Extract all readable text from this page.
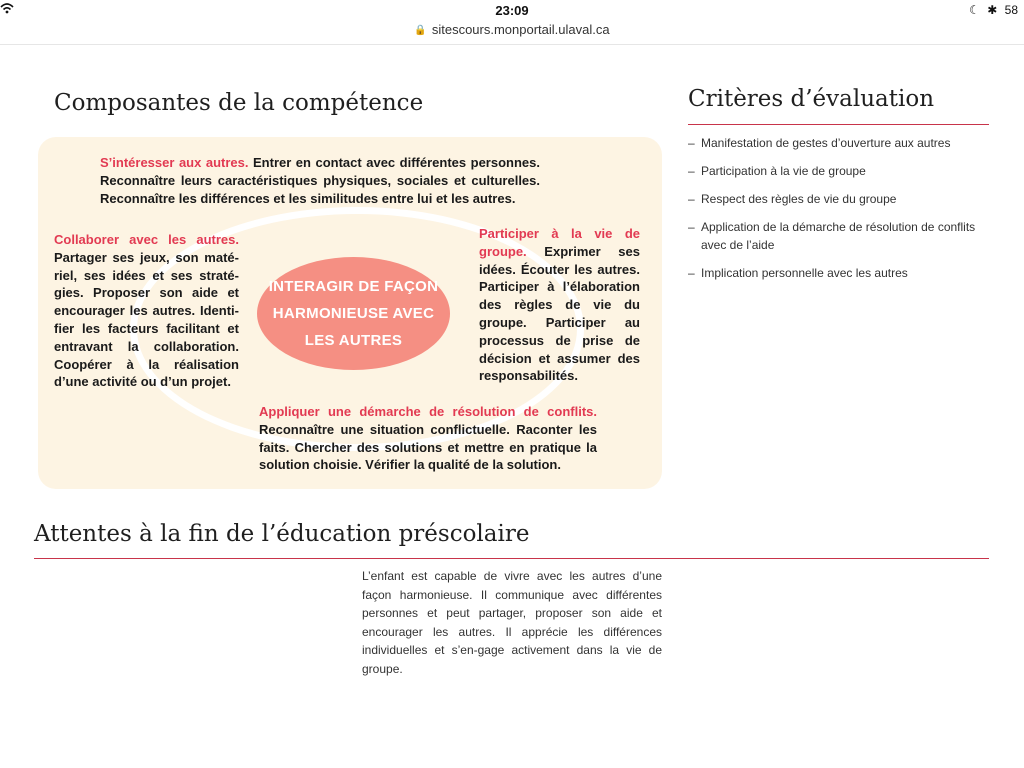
23:09
🔒 sitescours.monportail.ulaval.ca
☾ ✱ 58
Composantes de la compétence
S’intéresser aux autres. Entrer en contact avec différentes personnes. Reconnaître leurs caractéristiques physiques, sociales et culturelles. Reconnaître les différences et les similitudes entre lui et les autres.
Collaborer avec les autres. Partager ses jeux, son maté-riel, ses idées et ses straté-gies. Proposer son aide et encourager les autres. Identi-fier les facteurs facilitant et entravant la collaboration. Coopérer à la réalisation d’une activité ou d’un projet.
INTERAGIR DE FAÇON HARMONIEUSE AVEC LES AUTRES
Participer à la vie de groupe. Exprimer ses idées. Écouter les autres. Participer à l’élaboration des règles de vie du groupe. Participer au processus de prise de décision et assumer des responsabilités.
Appliquer une démarche de résolution de conflits. Reconnaître une situation conflictuelle. Raconter les faits. Chercher des solutions et mettre en pratique la solution choisie. Vérifier la qualité de la solution.
Critères d’évaluation
– Manifestation de gestes d’ouverture aux autres
– Participation à la vie de groupe
– Respect des règles de vie du groupe
– Application de la démarche de résolution de conflits avec de l’aide
– Implication personnelle avec les autres
Attentes à la fin de l’éducation préscolaire

L’enfant est capable de vivre avec les autres d’une façon harmonieuse. Il communique avec différentes personnes et peut partager, proposer son aide et encourager les autres. Il apprécie les différences individuelles et s’en-gage activement dans la vie de groupe.
